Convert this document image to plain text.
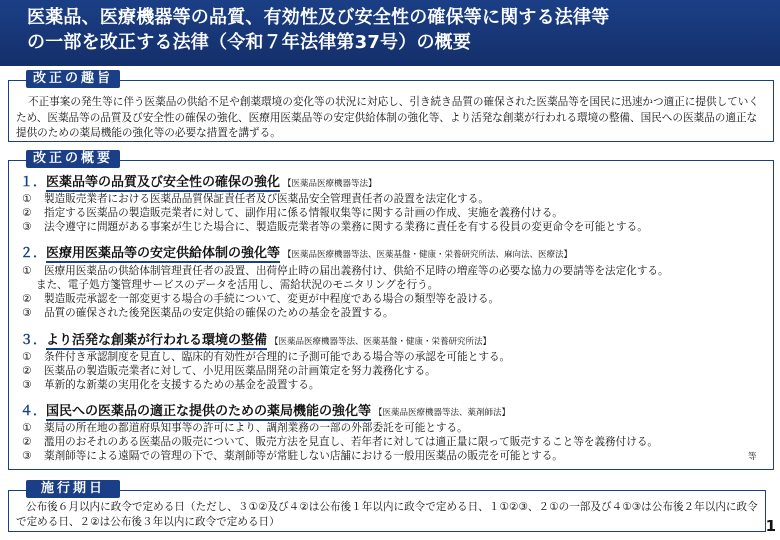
医薬品、医療機器等の品質、有効性及び安全性の確保等に関する法律等
の一部を改正する法律（令和７年法律第37号）の概要
改正の趣旨
不正事案の発生等に伴う医薬品の供給不足や創薬環境の変化等の状況に対応し、引き続き品質の確保された医薬品等を国民に迅速かつ適正に提供していくため、医薬品等の品質及び安全性の確保の強化、医療用医薬品等の安定供給体制の強化等、より活発な創薬が行われる環境の整備、国民への医薬品の適正な提供のための薬局機能の強化等の必要な措置を講ずる。
改正の概要
１．医薬品等の品質及び安全性の確保の強化 【医薬品医療機器等法】
① 製造販売業者における医薬品品質保証責任者及び医薬品安全管理責任者の設置を法定化する。
② 指定する医薬品の製造販売業者に対して、副作用に係る情報収集等に関する計画の作成、実施を義務付ける。
③ 法令遵守に問題がある事案が生じた場合に、製造販売業者等の業務に関する業務に責任を有する役員の変更命令を可能とする。
２．医療用医薬品等の安定供給体制の強化等 【医薬品医療機器等法、医薬基盤・健康・栄養研究所法、麻向法、医療法】
① 医療用医薬品の供給体制管理責任者の設置、出荷停止時の届出義務付け、供給不足時の増産等の必要な協力の要請等を法定化する。
また、電子処方箋管理サービスのデータを活用し、需給状況のモニタリングを行う。
② 製造販売承認を一部変更する場合の手続について、変更が中程度である場合の類型等を設ける。
③ 品質の確保された後発医薬品の安定供給の確保のための基金を設置する。
３．より活発な創薬が行われる環境の整備 【医薬品医療機器等法、医薬基盤・健康・栄養研究所法】
① 条件付き承認制度を見直し、臨床的有効性が合理的に予測可能である場合等の承認を可能とする。
② 医薬品の製造販売業者に対して、小児用医薬品開発の計画策定を努力義務化する。
③ 革新的な新薬の実用化を支援するための基金を設置する。
４．国民への医薬品の適正な提供のための薬局機能の強化等 【医薬品医療機器等法、薬剤師法】
① 薬局の所在地の都道府県知事等の許可により、調剤業務の一部の外部委託を可能とする。
② 濫用のおそれのある医薬品の販売について、販売方法を見直し、若年者に対しては適正量に限って販売すること等を義務付ける。
③ 薬剤師等による遠隔での管理の下で、薬剤師等が常駐しない店舗における一般用医薬品の販売を可能とする。	等
施行期日
公布後６月以内に政令で定める日（ただし、３①②及び４②は公布後１年以内に政令で定める日、１①②③、２①の一部及び４①③は公布後２年以内に政令で定める日、２②は公布後３年以内に政令で定める日）	1
